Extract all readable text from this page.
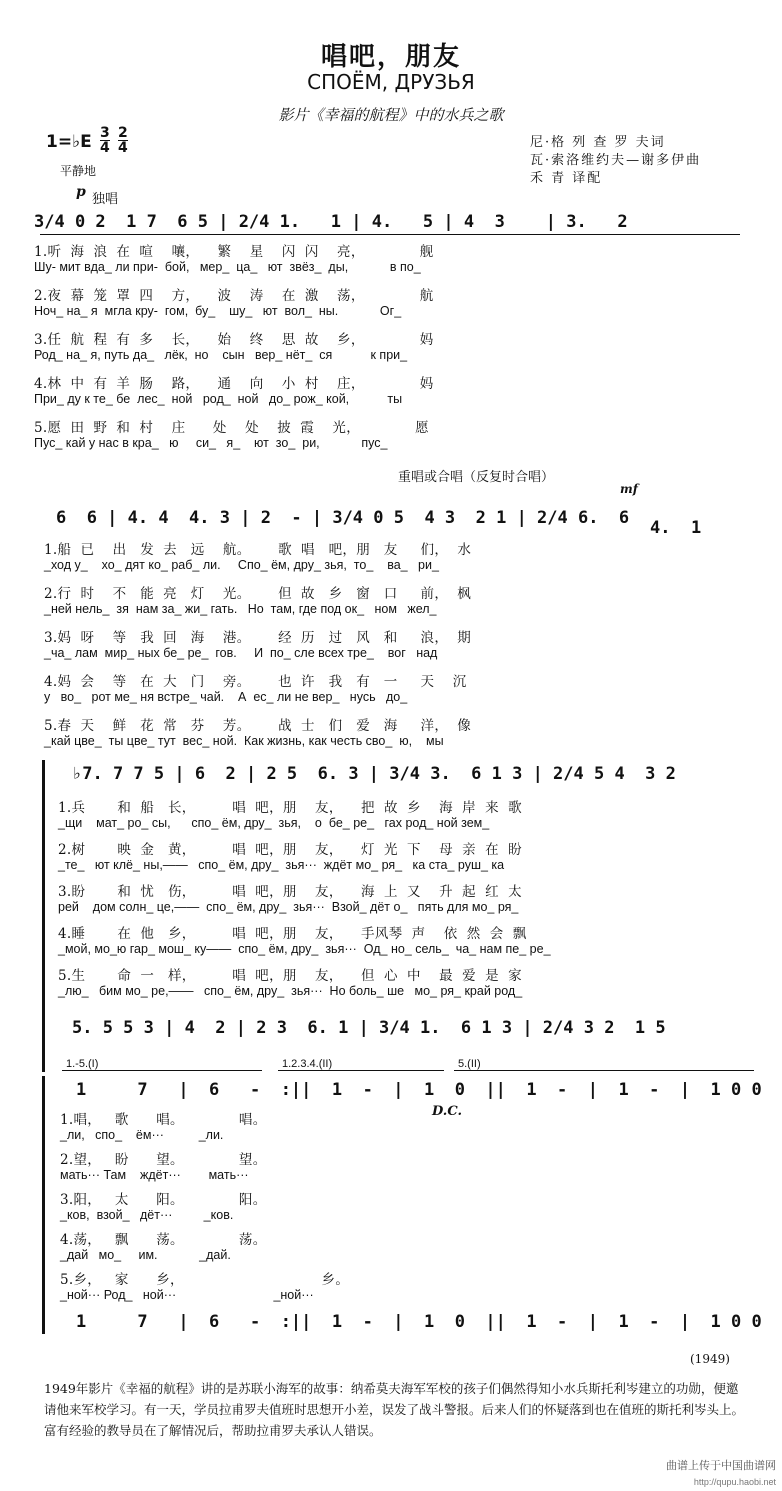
唱吧，朋友
СПОЁМ, ДРУЗЬЯ
影片《幸福的航程》中的水兵之歌
1=♭E 3
4
2
4
平静地
尼·格 列 查 罗 夫词
瓦·索洛维约夫—谢多伊曲
禾 青 译配
p 独唱
3/4 0 2  1 7  6 5 | 2/4 1.   1 | 4.   5 | 4  3    | 3.   2
1.听  海  浪  在  喧    嚷，    繁    星    闪  闪    亮，            舰
Шу- мит вда_ ли при-  бой,   мер_  ца_   ют  звёз_  ды,            в по_
2.夜  幕  笼  罩  四    方，    波    涛    在  激    荡，            航
Ноч_ на_ я  мгла кру-  гом,  бу_    шу_   ют  вол_  ны.            Ог_
3.任  航  程  有  多    长，    始    终    思  故    乡，            妈
Род_ на_ я, путь да_   лёк,  но    сын   вер_ нёт_  ся           к при_
4.林  中  有  羊  肠    路，    通    向    小  村    庄，            妈
При_ ду к те_ бе  лес_  ной   род_  ной   до_ рож_ кой,           ты
5.愿  田  野  和  村    庄      处    处    披  霞    光，            愿
Пус_ кай у нас в кра_   ю     си_   я_    ют  зо_  ри,            пус_
重唱或合唱（反复时合唱）
mf
6  6 | 4. 4  4. 3 | 2  - | 3/4 0 5  4 3  2 1 | 2/4 6.  6 4.  1
1.船  已    出   发  去   远    航。      歌  唱   吧，朋   友     们，  水
_ход у_    хо_ дят ко_ раб_ ли.     Спо_ ём, дру_ зья,  то_    ва_   ри_
2.行  时    不   能  亮   灯    光。      但  故   乡   窗   口     前，  枫
_ней нель_  зя  нам за_ жи_ гать.   Но  там, где под ок_   ном   жел_
3.妈  呀    等   我  回   海    港。      经  历   过   风   和     浪，  期
_ча_ лам  мир_ ных бе_ ре_  гов.     И  по_ сле всех тре_    вог   над
4.妈  会    等   在  大   门    旁。      也  许   我   有   一     天    沉
у   во_   рот ме_ ня встре_ чай.    А  ес_ ли не вер_   нусь   до_
5.春  天    鲜   花  常   芬    芳。      战  士   们   爱   海     洋，  像
_кай цве_  ты цве_ тут  вес_ ной.  Как жизнь, как честь сво_  ю,    мы
♭7. 7 7 5 | 6  2 | 2 5  6. 3 | 3/4 3.  6 1 3 | 2/4 5 4  3 2
1.兵       和  船   长，        唱  吧，朋    友，    把  故  乡    海  岸  来  歌
_щи    мат_ ро_ сы,      спо_ ём, дру_  зья,    о  бе_ ре_   гах род_ ной зем_
2.树       映  金   黄，        唱  吧，朋    友，    灯  光  下    母  亲  在  盼
_те_   ют клё_ ны,——   спо_ ём, дру_  зья···  ждёт мо_ ря_   ка ста_ руш_ ка
3.盼       和  忧   伤，        唱  吧，朋    友，    海  上  又    升  起  红  太
рей    дом солн_ це,——  спо_ ём, дру_  зья···  Взой_ дёт о_   пять для мо_ ря_
4.睡       在  他   乡，        唱  吧，朋    友，    手风琴  声    依  然  会  飘
_мой, мо_ю гар_ мош_ ку——  спо_ ём, дру_  зья···  Од_ но_ сель_  ча_ нам пе_ ре_
5.生       命  一   样，        唱  吧，朋    友，    但  心  中    最  爱  是  家
_лю_   бим мо_ ре,——   спо_ ём, дру_  зья···  Но боль_ ше   мо_ ря_ край род_
5. 5 5 3 | 4  2 | 2 3  6. 1 | 3/4 1.  6 1 3 | 2/4 3 2  1 5
1.-5.(I)	1.2.3.4.(II)	5.(II)
1     7   |  6   -  :||  1  -  |  1  0  ||  1  -  |  1  -  |  1 0 0
D.C.
1.唱，   歌      唱。            唱。
_ли,   спо_    ём···          _ли.
2.望，   盼      望。            望。
мать··· Там    ждёт···        мать···
3.阳，   太      阳。            阳。
_ков,  взой_   дёт···         _ков.
4.荡，   飘      荡。            荡。
_дай   мо_     им.            _дай.
5.乡，   家      乡，                              乡。
_ной··· Род_   ной···                            _ной···
1     7   |  6   -  :||  1  -  |  1  0  ||  1  -  |  1  -  |  1 0 0
(1949)
1949年影片《幸福的航程》讲的是苏联小海军的故事：纳希莫夫海军军校的孩子们偶然得知小水兵斯托利岑建立的功勋，便邀请他来军校学习。有一天，学员拉甫罗夫值班时思想开小差，误发了战斗警报。后来人们的怀疑落到也在值班的斯托利岑头上。富有经验的教导员在了解情况后，帮助拉甫罗夫承认人错误。
曲谱上传于中国曲谱网
http://qupu.haobi.net
